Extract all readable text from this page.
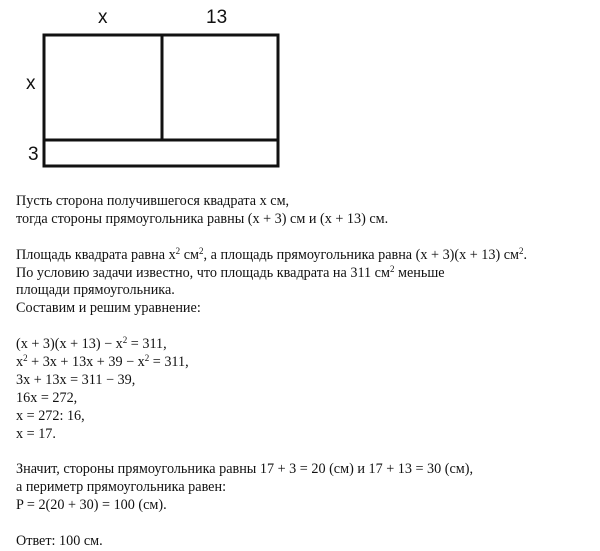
x	13
x
3
Пусть сторона получившегося квадрата x см,
тогда стороны прямоугольника равны (x + 3) см и (x + 13) см.
Площадь квадрата равна $x^2$ $см^2$, а площадь прямоугольника равна (x + 3)(x + 13) $см^2$.
По условию задачи известно, что площадь квадрата на 311 $см^2$ меньше
площади прямоугольника.
Составим и решим уравнение:
$(x + 3)(x + 13) - x^2 = 311$,
$x^2 + 3x + 13x + 39 - x^2 = 311$,
3x + 13x = 311 − 39,
16x = 272,
x = 272: 16,
x = 17.
Значит, стороны прямоугольника равны 17 + 3 = 20 (см) и 17 + 13 = 30 (см),
а периметр прямоугольника равен:
P = 2(20 + 30) = 100 (см).
Ответ: 100 см.
